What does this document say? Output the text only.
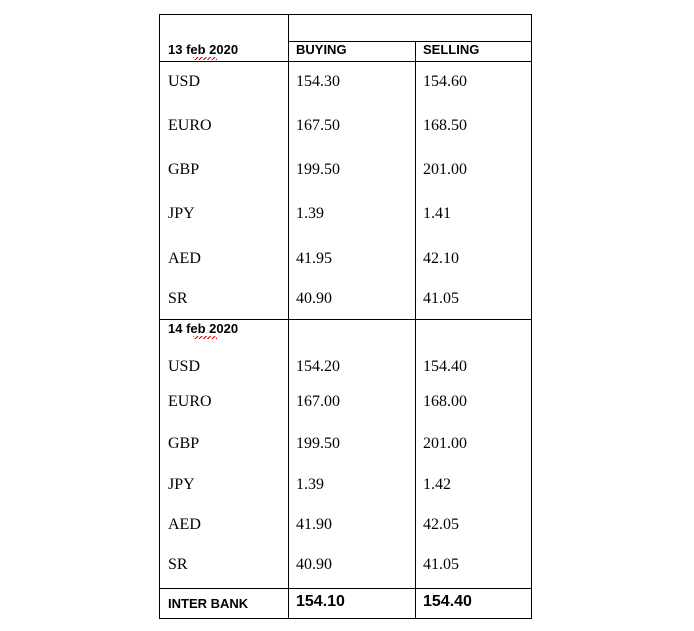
13 feb 2020	BUYING	SELLING
USD	154.30	154.60
EURO	167.50	168.50
GBP	199.50	201.00
JPY	1.39	1.41
AED	41.95	42.10
SR	40.90	41.05
14 feb 2020
USD	154.20	154.40
EURO	167.00	168.00
GBP	199.50	201.00
JPY	1.39	1.42
AED	41.90	42.05
SR	40.90	41.05
INTER BANK	154.10	154.40
